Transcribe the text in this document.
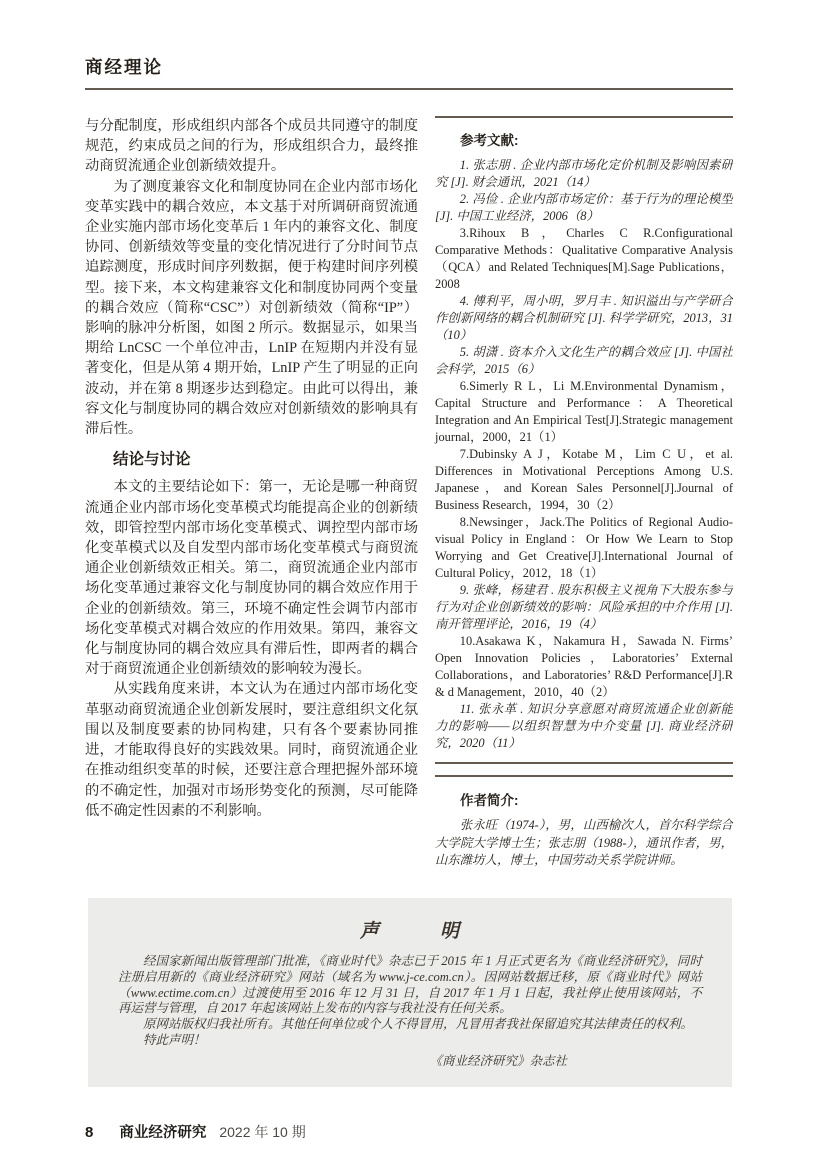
商经理论

与分配制度，形成组织内部各个成员共同遵守的制度规范，约束成员之间的行为，形成组织合力，最终推动商贸流通企业创新绩效提升。

为了测度兼容文化和制度协同在企业内部市场化变革实践中的耦合效应，本文基于对所调研商贸流通企业实施内部市场化变革后 1 年内的兼容文化、制度协同、创新绩效等变量的变化情况进行了分时间节点追踪测度，形成时间序列数据，便于构建时间序列模型。接下来，本文构建兼容文化和制度协同两个变量的耦合效应（简称“CSC”）对创新绩效（简称“IP”）影响的脉冲分析图，如图 2 所示。数据显示，如果当期给 LnCSC 一个单位冲击，LnIP 在短期内并没有显著变化，但是从第 4 期开始，LnIP 产生了明显的正向波动，并在第 8 期逐步达到稳定。由此可以得出，兼容文化与制度协同的耦合效应对创新绩效的影响具有滞后性。

结论与讨论

本文的主要结论如下：第一，无论是哪一种商贸流通企业内部市场化变革模式均能提高企业的创新绩效，即管控型内部市场化变革模式、调控型内部市场化变革模式以及自发型内部市场化变革模式与商贸流通企业创新绩效正相关。第二，商贸流通企业内部市场化变革通过兼容文化与制度协同的耦合效应作用于企业的创新绩效。第三，环境不确定性会调节内部市场化变革模式对耦合效应的作用效果。第四，兼容文化与制度协同的耦合效应具有滞后性，即两者的耦合对于商贸流通企业创新绩效的影响较为漫长。

从实践角度来讲，本文认为在通过内部市场化变革驱动商贸流通企业创新发展时，要注意组织文化氛围以及制度要素的协同构建，只有各个要素协同推进，才能取得良好的实践效果。同时，商贸流通企业在推动组织变革的时候，还要注意合理把握外部环境的不确定性，加强对市场形势变化的预测，尽可能降低不确定性因素的不利影响。

参考文献:
1. 张志朋 . 企业内部市场化定价机制及影响因素研究 [J]. 财会通讯，2021（14）
2. 冯俭 . 企业内部市场定价：基于行为的理论模型 [J]. 中国工业经济，2006（8）
3.Rihoux B，Charles C R.Configurational Comparative Methods：Qualitative Comparative Analysis （QCA）and Related Techniques[M].Sage Publications，2008
4. 傅利平，周小明，罗月丰 . 知识溢出与产学研合作创新网络的耦合机制研究 [J]. 科学学研究，2013，31（10）
5. 胡潇 . 资本介入文化生产的耦合效应 [J]. 中国社会科学，2015（6）
6.Simerly R L，Li M.Environmental Dynamism，Capital Structure and Performance：A Theoretical Integration and An Empirical Test[J].Strategic management journal，2000，21（1）
7.Dubinsky A J，Kotabe M，Lim C U，et al. Differences in Motivational Perceptions Among U.S. Japanese，and Korean Sales Personnel[J].Journal of Business Research，1994，30（2）
8.Newsinger，Jack.The Politics of Regional Audio-visual Policy in England：Or How We Learn to Stop Worrying and Get Creative[J].International Journal of Cultural Policy，2012，18（1）
9. 张峰，杨建君 . 股东积极主义视角下大股东参与行为对企业创新绩效的影响：风险承担的中介作用 [J]. 南开管理评论，2016，19（4）
10.Asakawa K，Nakamura H，Sawada N. Firms’ Open Innovation Policies，Laboratories’ External Collaborations，and Laboratories’ R&D Performance[J].R & d Management，2010，40（2）
11. 张永革 . 知识分享意愿对商贸流通企业创新能力的影响——以组织智慧为中介变量 [J]. 商业经济研究，2020（11）
作者简介:

张永旺（1974-），男，山西榆次人，首尔科学综合大学院大学博士生；张志朋（1988-），通讯作者，男，山东潍坊人，博士，中国劳动关系学院讲师。

声　　　明

经国家新闻出版管理部门批准，《商业时代》杂志已于 2015 年 1 月正式更名为《商业经济研究》，同时注册启用新的《商业经济研究》网站（域名为 www.j-ce.com.cn）。因网站数据迁移，原《商业时代》网站（www.ectime.com.cn）过渡使用至 2016 年 12 月 31 日，自 2017 年 1 月 1 日起，我社停止使用该网站，不再运营与管理，自 2017 年起该网站上发布的内容与我社没有任何关系。

原网站版权归我社所有。其他任何单位或个人不得冒用，凡冒用者我社保留追究其法律责任的权利。

特此声明！

《商业经济研究》杂志社
8 商业经济研究 2022 年 10 期
